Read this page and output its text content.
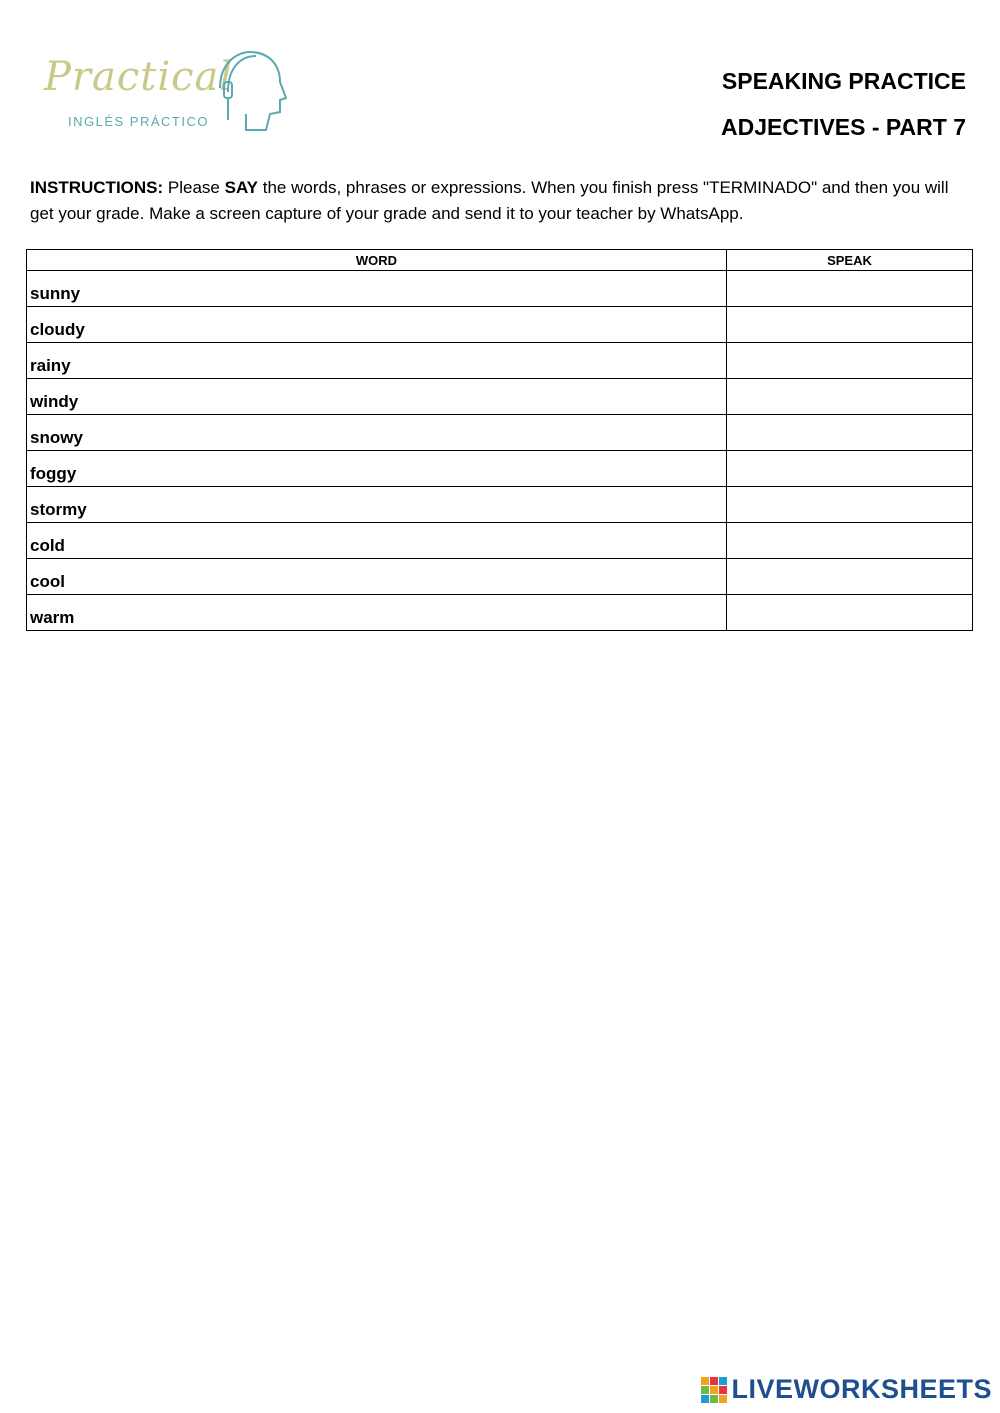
Practical
INGLÉS PRÁCTICO
SPEAKING PRACTICE
ADJECTIVES - PART 7
INSTRUCTIONS: Please SAY the words, phrases or expressions. When you finish press "TERMINADO" and then you will get your grade. Make a screen capture of your grade and send it to your teacher by WhatsApp.
WORD	SPEAK
sunny	
cloudy	
rainy	
windy	
snowy	
foggy	
stormy	
cold	
cool	
warm	
LIVEWORKSHEETS
